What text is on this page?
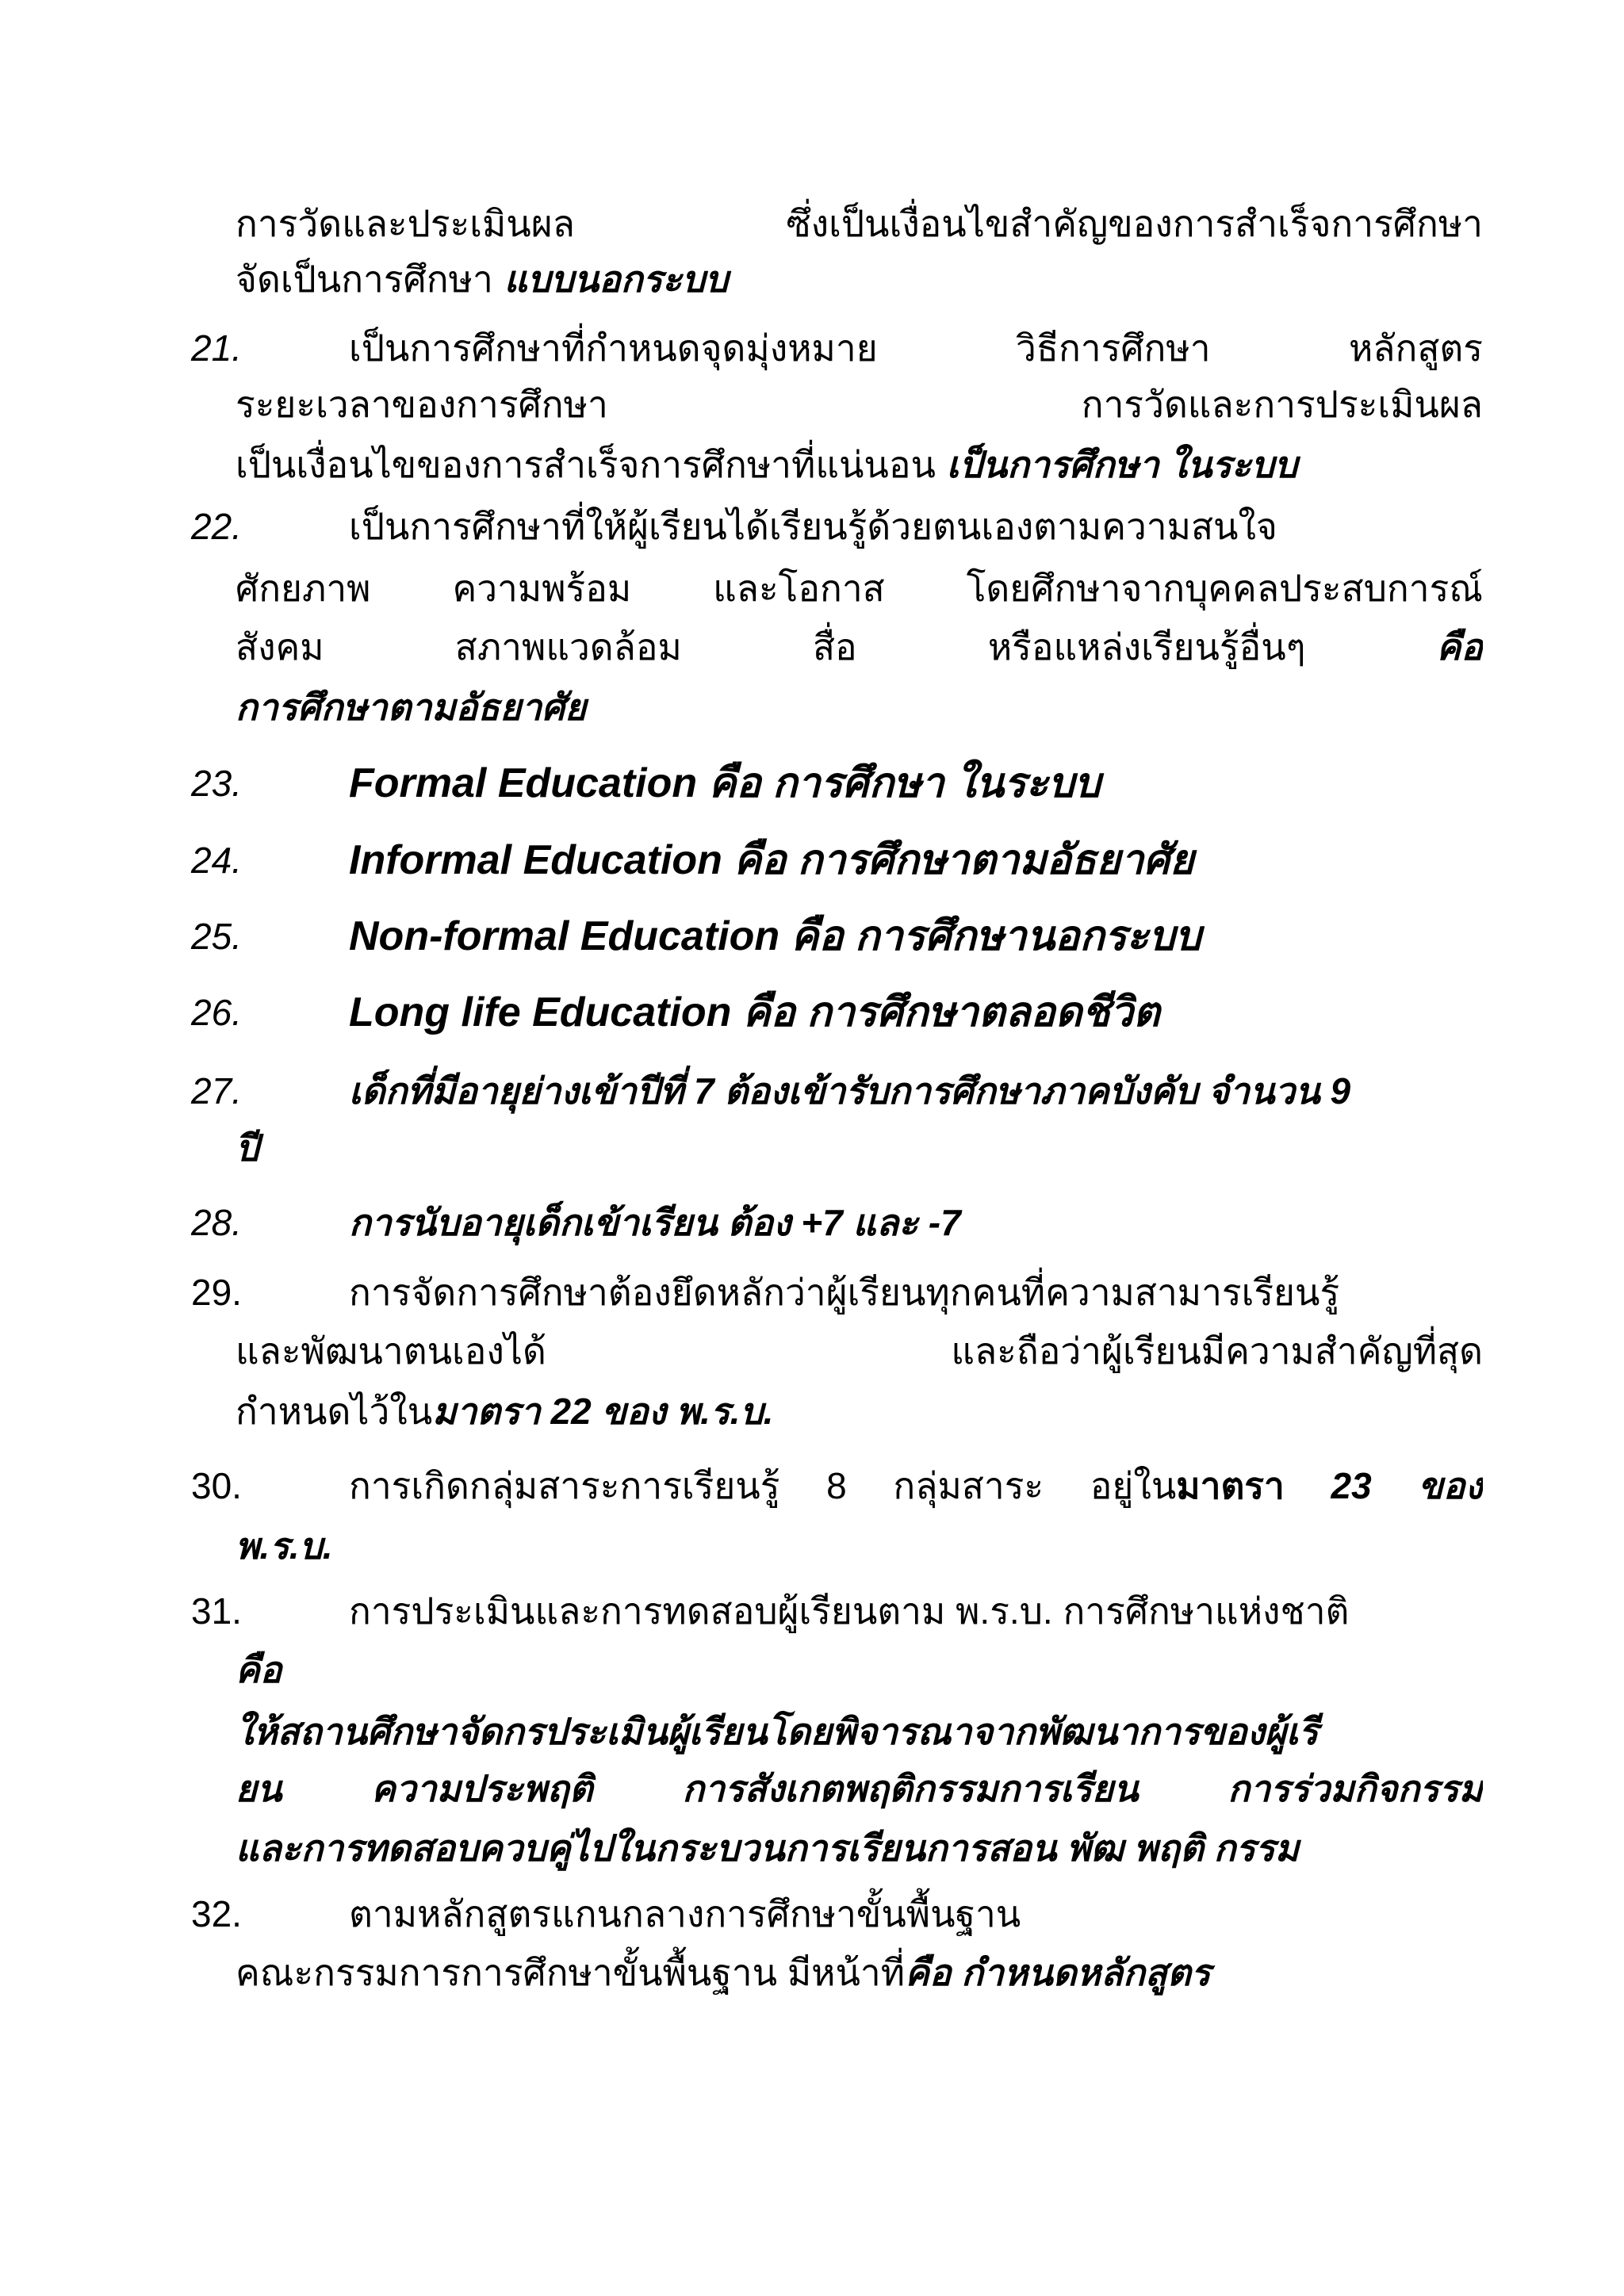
การวัดและประเมินผล	ซึ่งเป็นเงื่อนไขสำคัญของการสำเร็จการศึกษา
จัดเป็นการศึกษา แบบนอกระบบ
21.	เป็นการศึกษาที่กำหนดจุดมุ่งหมาย	วิธีการศึกษา	หลักสูตร
ระยะเวลาของการศึกษา	การวัดและการประเมินผล
เป็นเงื่อนไขของการสำเร็จการศึกษาที่แน่นอน เป็นการศึกษา ในระบบ
22.	เป็นการศึกษาที่ให้ผู้เรียนได้เรียนรู้ด้วยตนเองตามความสนใจ
ศักยภาพ ความพร้อม และโอกาส โดยศึกษาจากบุคคลประสบการณ์
สังคม	สภาพแวดล้อม	สื่อ	หรือแหล่งเรียนรู้อื่นๆ	คือ
การศึกษาตามอัธยาศัย
23.	Formal Education คือ การศึกษา ในระบบ
24.	Informal Education คือ การศึกษาตามอัธยาศัย
25.	Non-formal Education คือ การศึกษานอกระบบ
26.	Long life Education คือ การศึกษาตลอดชีวิต
27.	เด็กที่มีอายุย่างเข้าปีที่ 7 ต้องเข้ารับการศึกษาภาคบังคับ จำนวน 9
ปี
28.	การนับอายุเด็กเข้าเรียน ต้อง +7 และ -7
29.	การจัดการศึกษาต้องยึดหลักว่าผู้เรียนทุกคนที่ความสามารเรียนรู้
และพัฒนาตนเองได้	และถือว่าผู้เรียนมีความสำคัญที่สุด
กำหนดไว้ในมาตรา 22 ของ พ.ร.บ.
30.	การเกิดกลุ่มสาระการเรียนรู้ 8 กลุ่มสาระ อยู่ในมาตรา 23 ของ
พ.ร.บ.
31.	การประเมินและการทดสอบผู้เรียนตาม พ.ร.บ. การศึกษาแห่งชาติ
คือ
ให้สถานศึกษาจัดกรประเมินผู้เรียนโดยพิจารณาจากพัฒนาการของผู้เรี
ยน ความประพฤติ การสังเกตพฤติกรรมการเรียน การร่วมกิจกรรม
และการทดสอบควบคู่ไปในกระบวนการเรียนการสอน พัฒ พฤติ กรรม
32.	ตามหลักสูตรแกนกลางการศึกษาขั้นพื้นฐาน
คณะกรรมการการศึกษาขั้นพื้นฐาน มีหน้าที่คือ กำหนดหลักสูตร
